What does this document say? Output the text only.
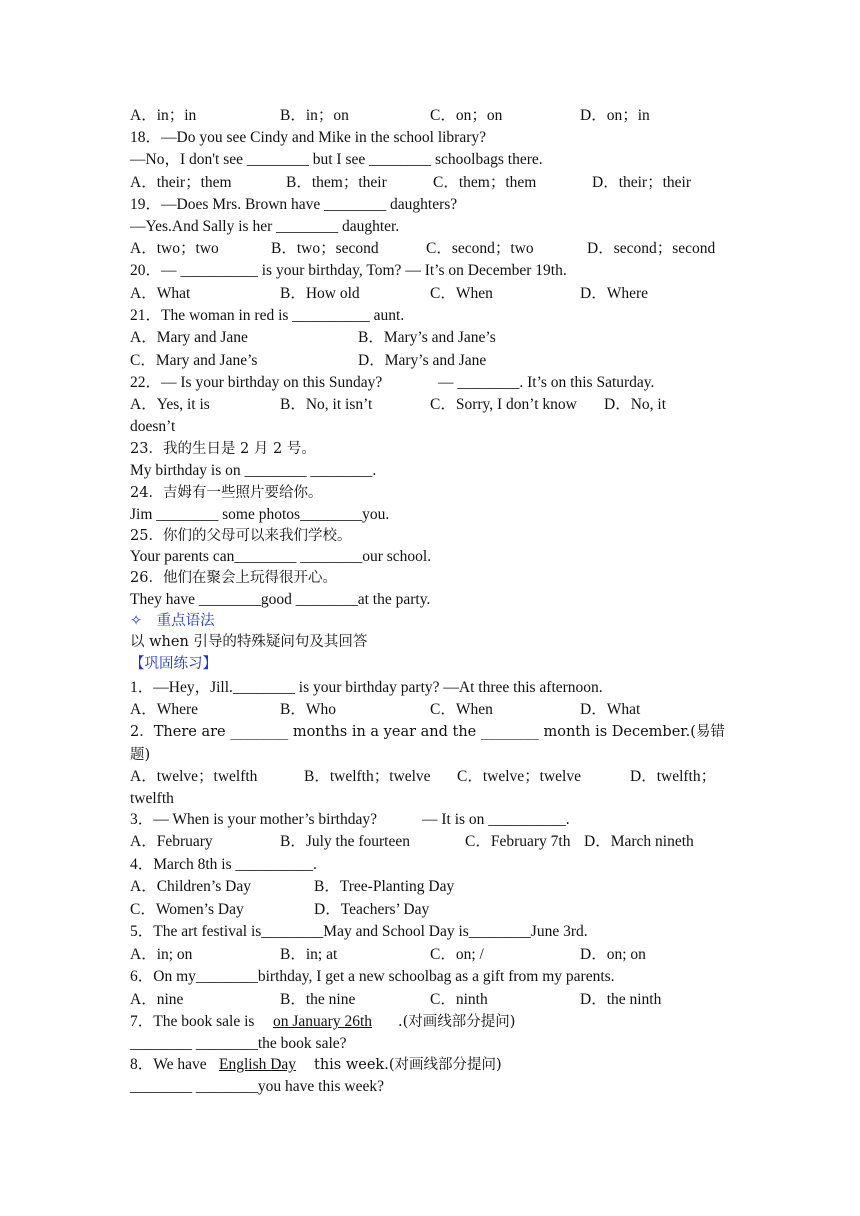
A．in；in	B．in；on	C．on；on	D．on；in
18．—Do you see Cindy and Mike in the school library?
—No，I don't see ________ but I see ________ schoolbags there.
A．their；them	B．them；their	C．them；them	D．their；their
19．—Does Mrs. Brown have ________ daughters?
—Yes.And Sally is her ________ daughter.
A．two；two	B．two；second	C．second；two	D．second；second
20．— __________ is your birthday, Tom? — It’s on December 19th.
A．What	B．How old	C．When	D．Where
21．The woman in red is __________ aunt.
A．Mary and Jane	B．Mary’s and Jane’s
C．Mary and Jane’s	D．Mary’s and Jane
22．— Is your birthday on this Sunday?	— ________. It’s on this Saturday.
A．Yes, it is	B．No, it isn’t	C．Sorry, I don’t know D．No, it
doesn’t
23．我的生日是 2 月 2 号。
My birthday is on ________ ________.
24．吉姆有一些照片要给你。
Jim ________ some photos________you.
25．你们的父母可以来我们学校。
Your parents can________ ________our school.
26．他们在聚会上玩得很开心。
They have ________good ________at the party.
✧　重点语法
以 when 引导的特殊疑问句及其回答
【巩固练习】
1．—Hey，Jill.________ is your birthday party? —At three this afternoon.
A．Where	B．Who	C．When	D．What
2．There are ________ months in a year and the ________ month is December.(易错
题)
A．twelve；twelfth	B．twelfth；twelve C．twelve；twelve	D．twelfth；
twelfth
3．— When is your mother’s birthday?	— It is on __________.
A．February	B．July the fourteen	C．February 7th D．March nineth
4．March 8th is __________.
A．Children’s Day	B．Tree-Planting Day
C．Women’s Day	D．Teachers’ Day
5．The art festival is________May and School Day is________June 3rd.
A．in; on	B．in; at	C．on; /	D．on; on
6．On my________birthday, I get a new schoolbag as a gift from my parents.
A．nine	B．the nine	C．ninth	D．the ninth
7．The book sale is on January 26th .(对画线部分提问)
________ ________the book sale?
8．We have English Day this week.(对画线部分提问)
________ ________you have this week?
